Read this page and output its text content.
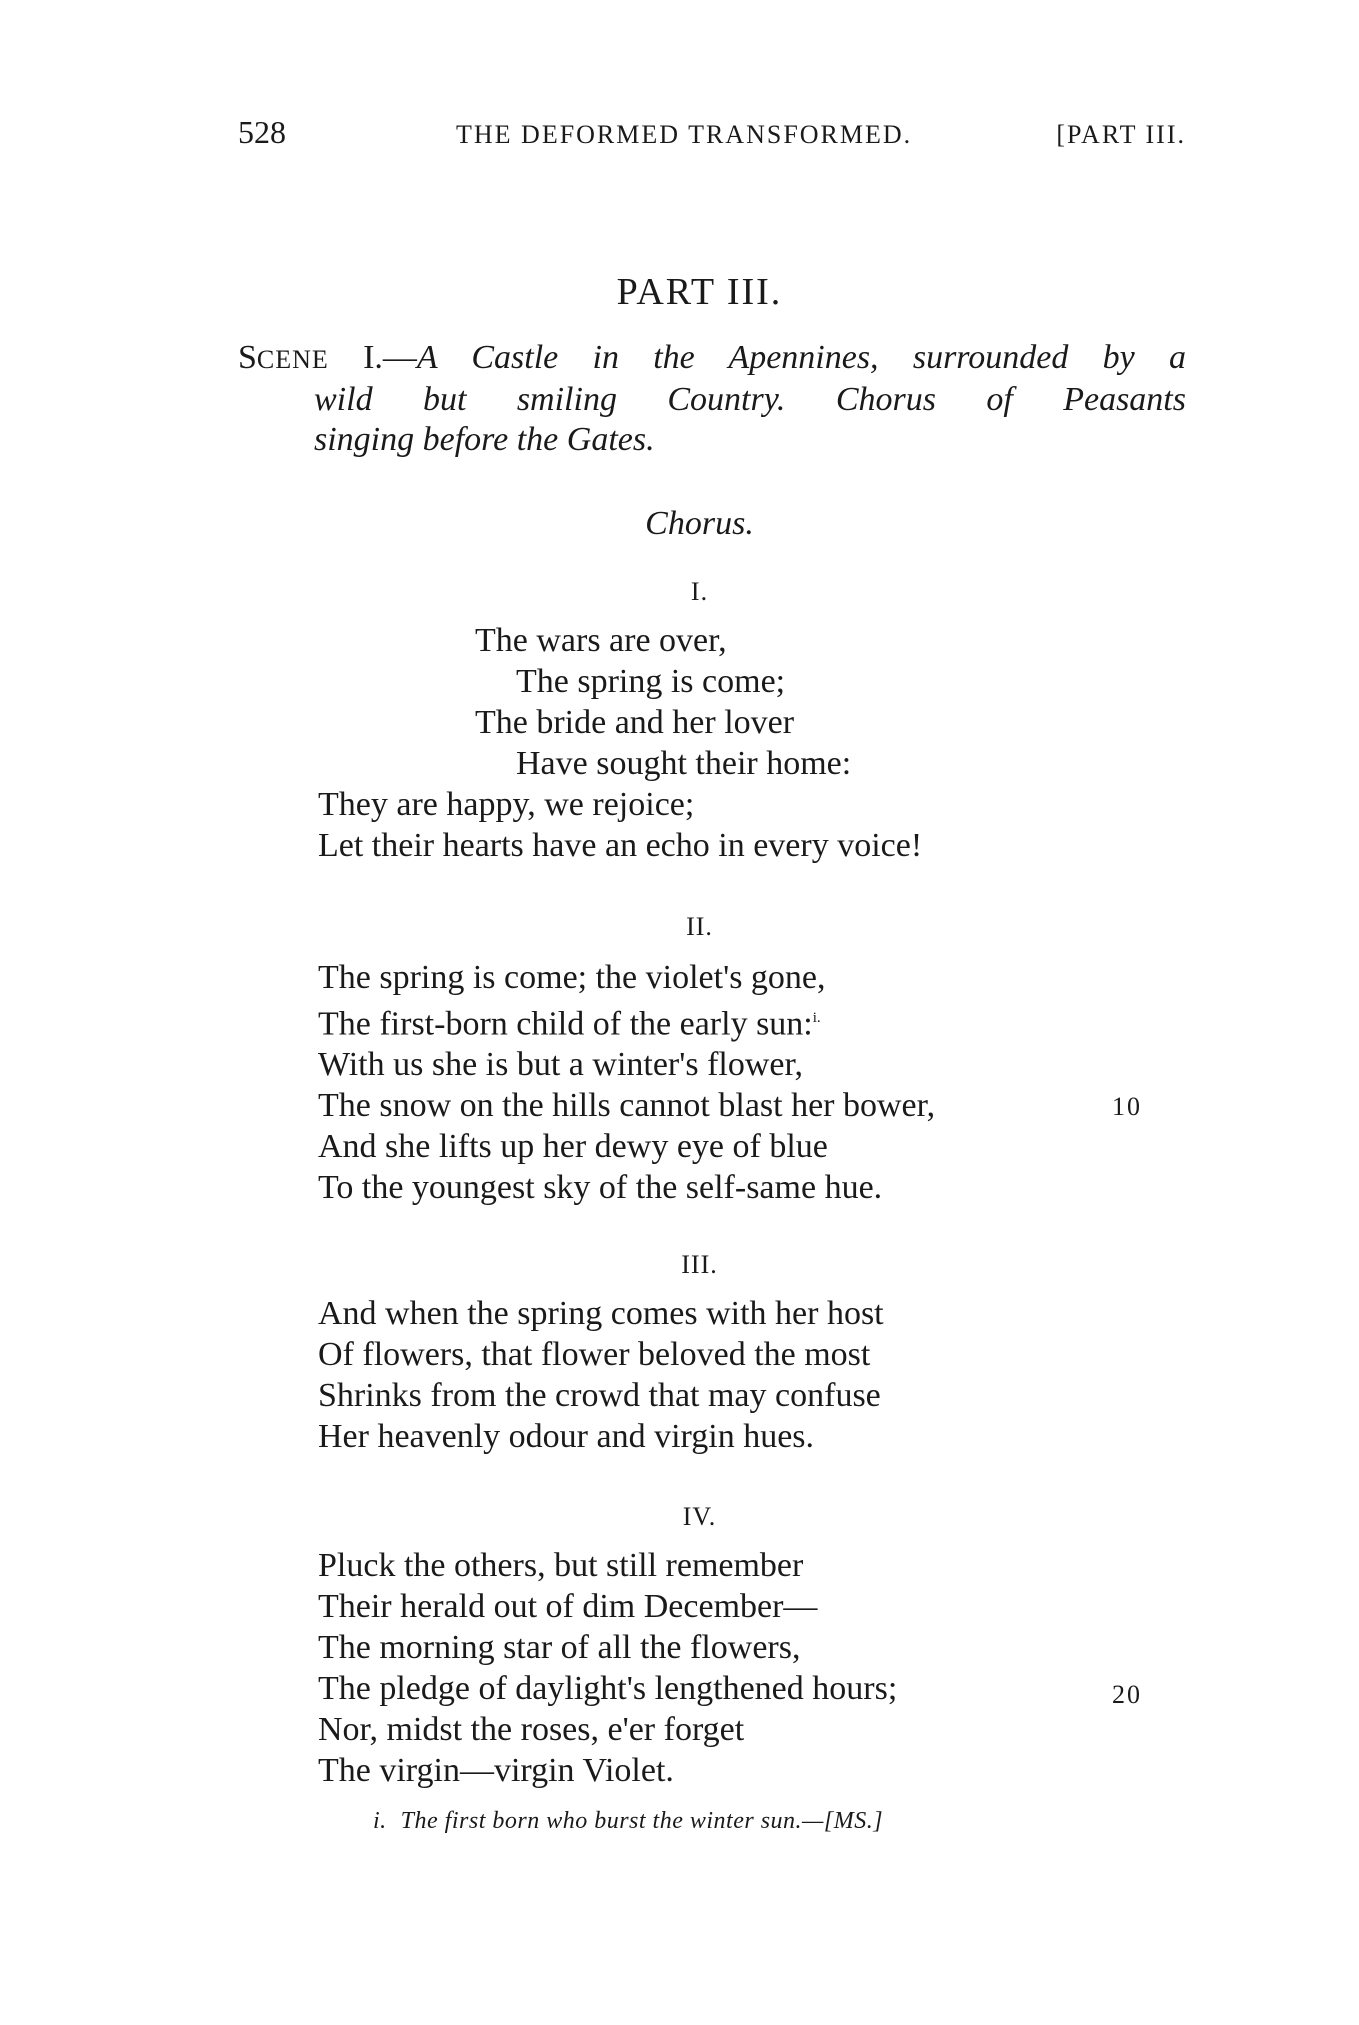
528	THE DEFORMED TRANSFORMED.	[PART III.
PART III.
SCENE I.—A Castle in the Apennines, surrounded by a
wild but smiling Country. Chorus of Peasants
singing before the Gates.
Chorus.
I.
The wars are over,
The spring is come;
The bride and her lover
Have sought their home:
They are happy, we rejoice;
Let their hearts have an echo in every voice!
II.
The spring is come; the violet's gone,
The first-born child of the early sun:$^{i.}$
With us she is but a winter's flower,
The snow on the hills cannot blast her bower,
And she lifts up her dewy eye of blue
To the youngest sky of the self-same hue.
10
III.
And when the spring comes with her host
Of flowers, that flower beloved the most
Shrinks from the crowd that may confuse
Her heavenly odour and virgin hues.
IV.
Pluck the others, but still remember
Their herald out of dim December—
The morning star of all the flowers,
The pledge of daylight's lengthened hours;
Nor, midst the roses, e'er forget
The virgin—virgin Violet.
20
i. The first born who burst the winter sun.—[MS.]
